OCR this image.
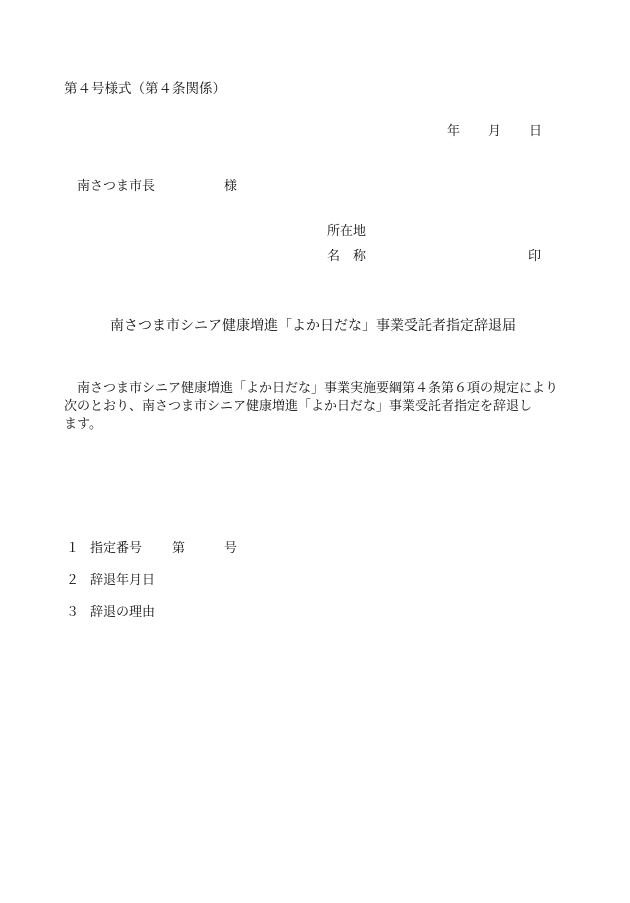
第４号様式（第４条関係）
年 月 日
南さつま市長	様
所在地
名　称	印
南さつま市シニア健康増進「よか日だな」事業受託者指定辞退届
南さつま市シニア健康増進「よか日だな」事業実施要綱第４条第６項の規定により
次のとおり、南さつま市シニア健康増進「よか日だな」事業受託者指定を辞退し
ます。
１ 指定番号 第	号
２ 辞退年月日
３ 辞退の理由
